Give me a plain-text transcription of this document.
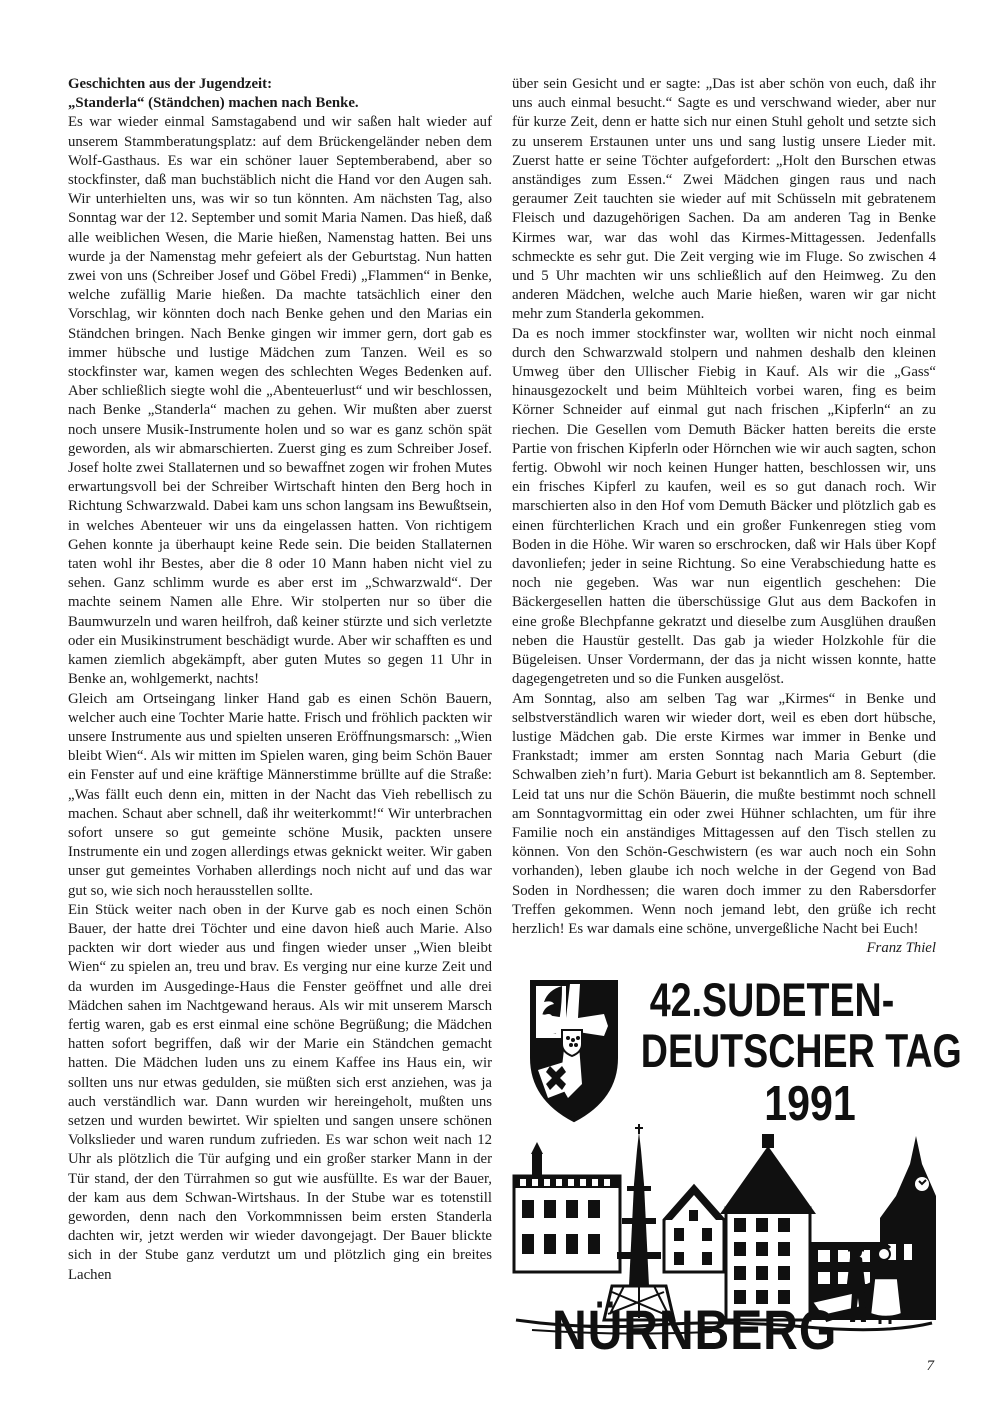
Geschichten aus der Jugendzeit:

„Standerla“ (Ständchen) machen nach Benke.

Es war wieder einmal Samstagabend und wir saßen halt wieder auf unserem Stammberatungsplatz: auf dem Brückengeländer neben dem Wolf-Gasthaus. Es war ein schöner lauer Septemberabend, aber so stockfinster, daß man buchstäblich nicht die Hand vor den Augen sah. Wir unterhielten uns, was wir so tun könnten. Am nächsten Tag, also Sonntag war der 12. September und somit Maria Namen. Das hieß, daß alle weiblichen Wesen, die Marie hießen, Namenstag hatten. Bei uns wurde ja der Namenstag mehr gefeiert als der Geburtstag. Nun hatten zwei von uns (Schreiber Josef und Göbel Fredi) „Flammen“ in Benke, welche zufällig Marie hießen. Da machte tatsächlich einer den Vorschlag, wir könnten doch nach Benke gehen und den Marias ein Ständchen bringen. Nach Benke gingen wir immer gern, dort gab es immer hübsche und lustige Mädchen zum Tanzen. Weil es so stockfinster war, kamen wegen des schlechten Weges Bedenken auf. Aber schließlich siegte wohl die „Abenteuerlust“ und wir beschlossen, nach Benke „Standerla“ machen zu gehen. Wir mußten aber zuerst noch unsere Musik-Instrumente holen und so war es ganz schön spät geworden, als wir abmarschierten. Zuerst ging es zum Schreiber Josef. Josef holte zwei Stallaternen und so bewaffnet zogen wir frohen Mutes erwartungsvoll bei der Schreiber Wirtschaft hinten den Berg hoch in Richtung Schwarzwald. Dabei kam uns schon langsam ins Bewußtsein, in welches Abenteuer wir uns da eingelassen hatten. Von richtigem Gehen konnte ja überhaupt keine Rede sein. Die beiden Stallaternen taten wohl ihr Bestes, aber die 8 oder 10 Mann haben nicht viel zu sehen. Ganz schlimm wurde es aber erst im „Schwarzwald“. Der machte seinem Namen alle Ehre. Wir stolperten nur so über die Baumwurzeln und waren heilfroh, daß keiner stürzte und sich verletzte oder ein Musikinstrument beschädigt wurde. Aber wir schafften es und kamen ziemlich abgekämpft, aber guten Mutes so gegen 11 Uhr in Benke an, wohlgemerkt, nachts!

Gleich am Ortseingang linker Hand gab es einen Schön Bauern, welcher auch eine Tochter Marie hatte. Frisch und fröhlich packten wir unsere Instrumente aus und spielten unseren Eröffnungsmarsch: „Wien bleibt Wien“. Als wir mitten im Spielen waren, ging beim Schön Bauer ein Fenster auf und eine kräftige Männerstimme brüllte auf die Straße: „Was fällt euch denn ein, mitten in der Nacht das Vieh rebellisch zu machen. Schaut aber schnell, daß ihr weiterkommt!“ Wir unterbrachen sofort unsere so gut gemeinte schöne Musik, packten unsere Instrumente ein und zogen allerdings etwas geknickt weiter. Wir gaben unser gut gemeintes Vorhaben allerdings noch nicht auf und das war gut so, wie sich noch herausstellen sollte.

Ein Stück weiter nach oben in der Kurve gab es noch einen Schön Bauer, der hatte drei Töchter und eine davon hieß auch Marie. Also packten wir dort wieder aus und fingen wieder unser „Wien bleibt Wien“ zu spielen an, treu und brav. Es verging nur eine kurze Zeit und da wurden im Ausgedinge-Haus die Fenster geöffnet und alle drei Mädchen sahen im Nachtgewand heraus. Als wir mit unserem Marsch fertig waren, gab es erst einmal eine schöne Begrüßung; die Mädchen hatten sofort begriffen, daß wir der Marie ein Ständchen gemacht hatten. Die Mädchen luden uns zu einem Kaffee ins Haus ein, wir sollten uns nur etwas gedulden, sie müßten sich erst anziehen, was ja auch verständlich war. Dann wurden wir hereingeholt, mußten uns setzen und wurden bewirtet. Wir spielten und sangen unsere schönen Volkslieder und waren rundum zufrieden. Es war schon weit nach 12 Uhr als plötzlich die Tür aufging und ein großer starker Mann in der Tür stand, der den Türrahmen so gut wie ausfüllte. Es war der Bauer, der kam aus dem Schwan-Wirtshaus. In der Stube war es totenstill geworden, denn nach den Vorkommnissen beim ersten Standerla dachten wir, jetzt werden wir wieder davongejagt. Der Bauer blickte sich in der Stube ganz verdutzt um und plötzlich ging ein breites Lachen

über sein Gesicht und er sagte: „Das ist aber schön von euch, daß ihr uns auch einmal besucht.“ Sagte es und verschwand wieder, aber nur für kurze Zeit, denn er hatte sich nur einen Stuhl geholt und setzte sich zu unserem Erstaunen unter uns und sang lustig unsere Lieder mit. Zuerst hatte er seine Töchter aufgefordert: „Holt den Burschen etwas anständiges zum Essen.“ Zwei Mädchen gingen raus und nach geraumer Zeit tauchten sie wieder auf mit Schüsseln mit gebratenem Fleisch und dazugehörigen Sachen. Da am anderen Tag in Benke Kirmes war, war das wohl das Kirmes-Mittagessen. Jedenfalls schmeckte es sehr gut. Die Zeit verging wie im Fluge. So zwischen 4 und 5 Uhr machten wir uns schließlich auf den Heimweg. Zu den anderen Mädchen, welche auch Marie hießen, waren wir gar nicht mehr zum Standerla gekommen.

Da es noch immer stockfinster war, wollten wir nicht noch einmal durch den Schwarzwald stolpern und nahmen deshalb den kleinen Umweg über den Ullischer Fiebig in Kauf. Als wir die „Gass“ hinausgezockelt und beim Mühlteich vorbei waren, fing es beim Körner Schneider auf einmal gut nach frischen „Kipferln“ an zu riechen. Die Gesellen vom Demuth Bäcker hatten bereits die erste Partie von frischen Kipferln oder Hörnchen wie wir auch sagten, schon fertig. Obwohl wir noch keinen Hunger hatten, beschlossen wir, uns ein frisches Kipferl zu kaufen, weil es so gut danach roch. Wir marschierten also in den Hof vom Demuth Bäcker und plötzlich gab es einen fürchterlichen Krach und ein großer Funkenregen stieg vom Boden in die Höhe. Wir waren so erschrocken, daß wir Hals über Kopf davonliefen; jeder in seine Richtung. So eine Verabschiedung hatte es noch nie gegeben. Was war nun eigentlich geschehen: Die Bäckergesellen hatten die überschüssige Glut aus dem Backofen in eine große Blechpfanne gekratzt und dieselbe zum Ausglühen draußen neben die Haustür gestellt. Das gab ja wieder Holzkohle für die Bügeleisen. Unser Vordermann, der das ja nicht wissen konnte, hatte dagegengetreten und so die Funken ausgelöst.

Am Sonntag, also am selben Tag war „Kirmes“ in Benke und selbstverständlich waren wir wieder dort, weil es eben dort hübsche, lustige Mädchen gab. Die erste Kirmes war immer in Benke und Frankstadt; immer am ersten Sonntag nach Maria Geburt (die Schwalben zieh’n furt). Maria Geburt ist bekanntlich am 8. September. Leid tat uns nur die Schön Bäuerin, die mußte bestimmt noch schnell am Sonntagvormittag ein oder zwei Hühner schlachten, um für ihre Familie noch ein anständiges Mittagessen auf den Tisch stellen zu können. Von den Schön-Geschwistern (es war auch noch ein Sohn vorhanden), leben glaube ich noch welche in der Gegend von Bad Soden in Nordhessen; die waren doch immer zu den Rabersdorfer Treffen gekommen. Wenn noch jemand lebt, den grüße ich recht herzlich! Es war damals eine schöne, unvergeßliche Nacht bei Euch!

Franz Thiel

42.SUDETEN-
DEUTSCHER TAG
1991
NÜRNBERG
7
